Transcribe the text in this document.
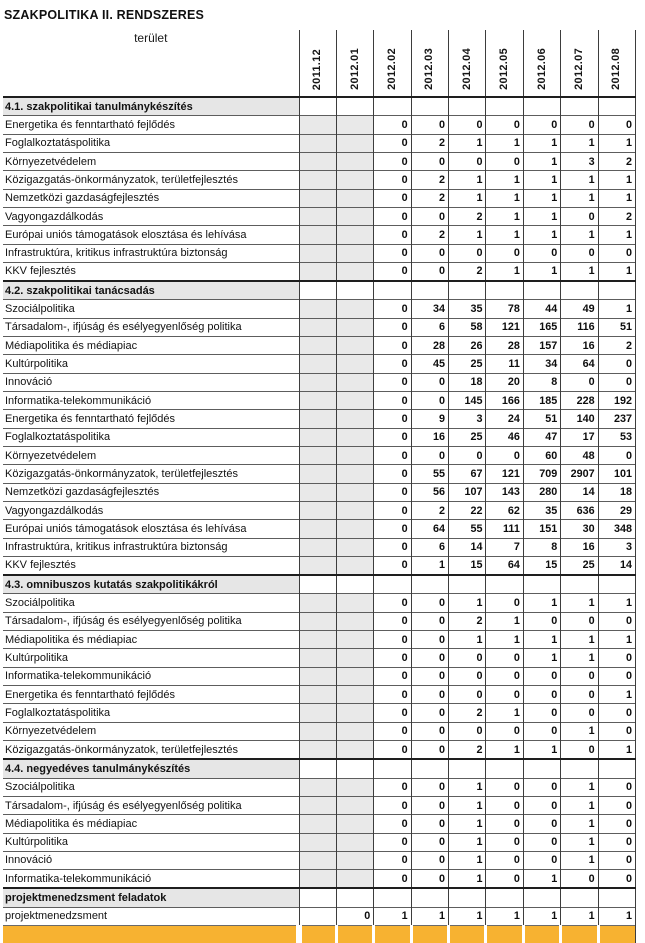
SZAKPOLITIKA II. RENDSZERES
terület	2011.12	2012.01	2012.02	2012.03	2012.04	2012.05	2012.06	2012.07	2012.08
4.1. szakpolitikai tanulmánykészítés									
Energetika és fenntartható fejlődés			0	0	0	0	0	0	0
Foglalkoztatáspolitika			0	2	1	1	1	1	1
Környezetvédelem			0	0	0	0	1	3	2
Közigazgatás-önkormányzatok, területfejlesztés			0	2	1	1	1	1	1
Nemzetközi gazdaságfejlesztés			0	2	1	1	1	1	1
Vagyongazdálkodás			0	0	2	1	1	0	2
Európai uniós támogatások elosztása és lehívása			0	2	1	1	1	1	1
Infrastruktúra, kritikus infrastruktúra biztonság			0	0	0	0	0	0	0
KKV fejlesztés			0	0	2	1	1	1	1
4.2. szakpolitikai tanácsadás									
Szociálpolitika			0	34	35	78	44	49	1
Társadalom-, ifjúság és esélyegyenlőség politika			0	6	58	121	165	116	51
Médiapolitika és médiapiac			0	28	26	28	157	16	2
Kultúrpolitika			0	45	25	11	34	64	0
Innováció			0	0	18	20	8	0	0
Informatika-telekommunikáció			0	0	145	166	185	228	192
Energetika és fenntartható fejlődés			0	9	3	24	51	140	237
Foglalkoztatáspolitika			0	16	25	46	47	17	53
Környezetvédelem			0	0	0	0	60	48	0
Közigazgatás-önkormányzatok, területfejlesztés			0	55	67	121	709	2907	101
Nemzetközi gazdaságfejlesztés			0	56	107	143	280	14	18
Vagyongazdálkodás			0	2	22	62	35	636	29
Európai uniós támogatások elosztása és lehívása			0	64	55	111	151	30	348
Infrastruktúra, kritikus infrastruktúra biztonság			0	6	14	7	8	16	3
KKV fejlesztés			0	1	15	64	15	25	14
4.3. omnibuszos kutatás szakpolitikákról									
Szociálpolitika			0	0	1	0	1	1	1
Társadalom-, ifjúság és esélyegyenlőség politika			0	0	2	1	0	0	0
Médiapolitika és médiapiac			0	0	1	1	1	1	1
Kultúrpolitika			0	0	0	0	1	1	0
Informatika-telekommunikáció			0	0	0	0	0	0	0
Energetika és fenntartható fejlődés			0	0	0	0	0	0	1
Foglalkoztatáspolitika			0	0	2	1	0	0	0
Környezetvédelem			0	0	0	0	0	1	0
Közigazgatás-önkormányzatok, területfejlesztés			0	0	2	1	1	0	1
4.4. negyedéves tanulmánykészítés									
Szociálpolitika			0	0	1	0	0	1	0
Társadalom-, ifjúság és esélyegyenlőség politika			0	0	1	0	0	1	0
Médiapolitika és médiapiac			0	0	1	0	0	1	0
Kultúrpolitika			0	0	1	0	0	1	0
Innováció			0	0	1	0	0	1	0
Informatika-telekommunikáció			0	0	1	0	1	0	0
projektmenedzsment feladatok									
projektmenedzsment		0	1	1	1	1	1	1	1
